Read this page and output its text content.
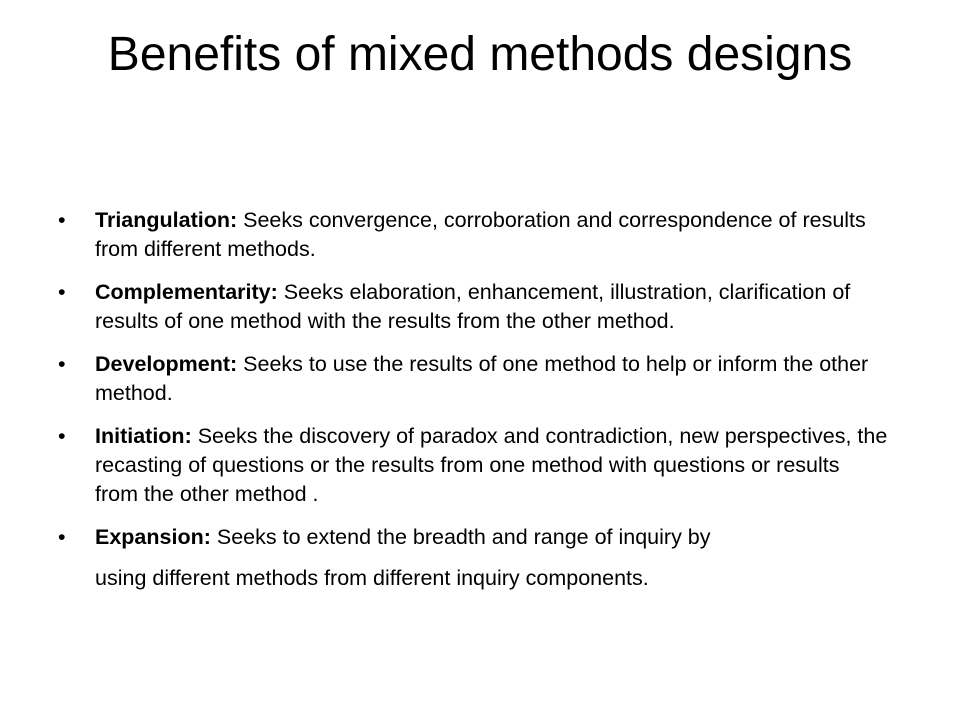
Benefits of mixed methods designs
• Triangulation: Seeks convergence, corroboration and correspondence of results from different methods.
• Complementarity: Seeks elaboration, enhancement, illustration, clarification of results of one method with the results from the other method.
• Development: Seeks to use the results of one method to help or inform the other method.
• Initiation: Seeks the discovery of paradox and contradiction, new perspectives, the recasting of questions or the results from one method with questions or results from the other method .
• Expansion: Seeks to extend the breadth and range of inquiry by
using different methods from different inquiry components.
